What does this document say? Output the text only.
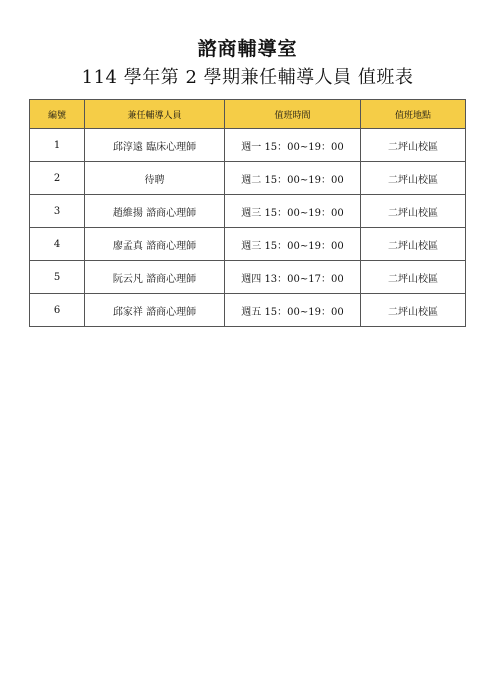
諮商輔導室
114 學年第 2 學期兼任輔導人員 值班表
編號	兼任輔導人員	值班時間	值班地點
1	邱淳遠 臨床心理師	週一 15：00~19：00	二坪山校區
2	待聘	週二 15：00~19：00	二坪山校區
3	趙維揚 諮商心理師	週三 15：00~19：00	二坪山校區
4	廖孟真 諮商心理師	週三 15：00~19：00	二坪山校區
5	阮云凡 諮商心理師	週四 13：00~17：00	二坪山校區
6	邱家祥 諮商心理師	週五 15：00~19：00	二坪山校區
